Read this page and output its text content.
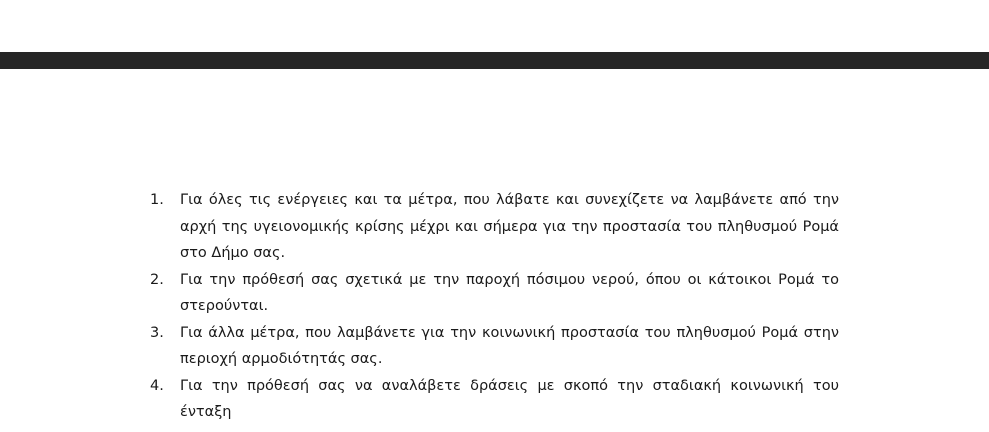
1.	Για όλες τις ενέργειες και τα μέτρα, που λάβατε και συνεχίζετε να λαμβάνετε από την αρχή της υγειονομικής κρίσης μέχρι και σήμερα για την προστασία του πληθυσμού Ρομά στο Δήμο σας.
2.	Για την πρόθεσή σας σχετικά με την παροχή πόσιμου νερού, όπου οι κάτοικοι Ρομά το στερούνται.
3.	Για άλλα μέτρα, που λαμβάνετε για την κοινωνική προστασία του πληθυσμού Ρομά στην περιοχή αρμοδιότητάς σας.
4.	Για την πρόθεσή σας να αναλάβετε δράσεις με σκοπό την σταδιακή κοινωνική του ένταξη
